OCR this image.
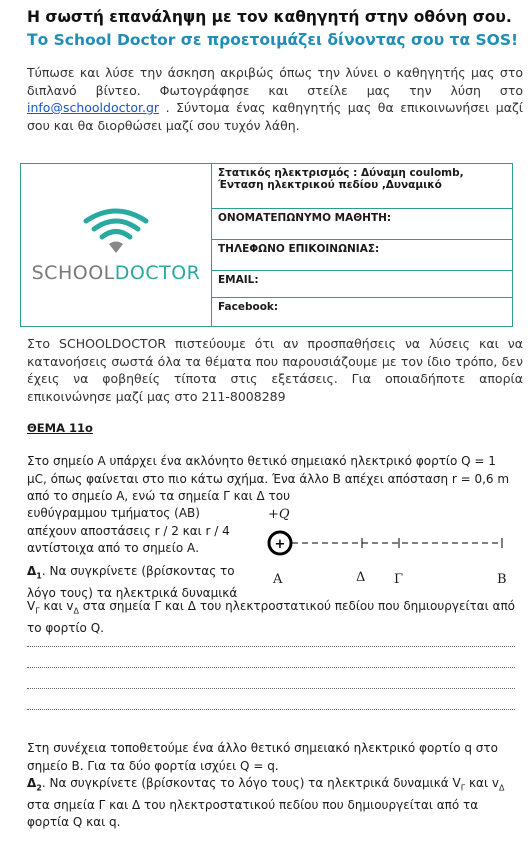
Η σωστή επανάληψη με τον καθηγητή στην οθόνη σου.
Το School Doctor σε προετοιμάζει δίνοντας σου τα SOS!
Τύπωσε και λύσε την άσκηση ακριβώς όπως την λύνει ο καθηγητής μας στο διπλανό βίντεο. Φωτογράφησε και στείλε μας την λύση στο info@schooldoctor.gr . Σύντομα ένας καθηγητής μας θα επικοινωνήσει μαζί σου και θα διορθώσει μαζί σου τυχόν λάθη.
SCHOOLDOCTOR
	Στατικός ηλεκτρισμός : Δύναμη coulomb, Ένταση ηλεκτρικού πεδίου ,Δυναμικό
ΟΝΟΜΑΤΕΠΩΝΥΜΟ ΜΑΘΗΤΗ:
ΤΗΛΕΦΩΝΟ ΕΠΙΚΟΙΝΩΝΙΑΣ:
EMAIL:
Facebook:
Στο SCHOOLDOCTOR πιστεύουμε ότι αν προσπαθήσεις να λύσεις και να κατανοήσεις σωστά όλα τα θέματα που παρουσιάζουμε με τον ίδιο τρόπο, δεν έχεις να φοβηθείς τίποτα στις εξετάσεις. Για οποιαδήποτε απορία επικοινώνησε μαζί μας στο 211-8008289
ΘΕΜΑ 11ο
Στο σημείο Α υπάρχει ένα ακλόνητο θετικό σημειακό ηλεκτρικό φορτίο Q = 1 μC, όπως φαίνεται στο πιο κάτω σχήμα. Ένα άλλο Β απέχει απόσταση r = 0,6 m από το σημείο Α, ενώ τα σημεία Γ και Δ του
ευθύγραμμου τμήματος (ΑΒ) απέχουν αποστάσεις r / 2 και r / 4 αντίστοιχα από το σημείο Α.
$\Delta_1$. Να συγκρίνετε (βρίσκοντας το λόγο τους) τα ηλεκτρικά δυναμικά
$V_\Gamma$ και $v_\Delta$ στα σημεία Γ και Δ του ηλεκτροστατικού πεδίου που δημιουργείται από το φορτίο Q.
+Q
+
A	Δ Γ	B
Στη συνέχεια τοποθετούμε ένα άλλο θετικό σημειακό ηλεκτρικό φορτίο q στο σημείο Β. Για τα δύο φορτία ισχύει Q = q.
$\Delta_2$. Να συγκρίνετε (βρίσκοντας το λόγο τους) τα ηλεκτρικά δυναμικά $V_\Gamma$ και $v_\Delta$ στα σημεία Γ και Δ του ηλεκτροστατικού πεδίου που δημιουργείται από τα φορτία Q και q.
